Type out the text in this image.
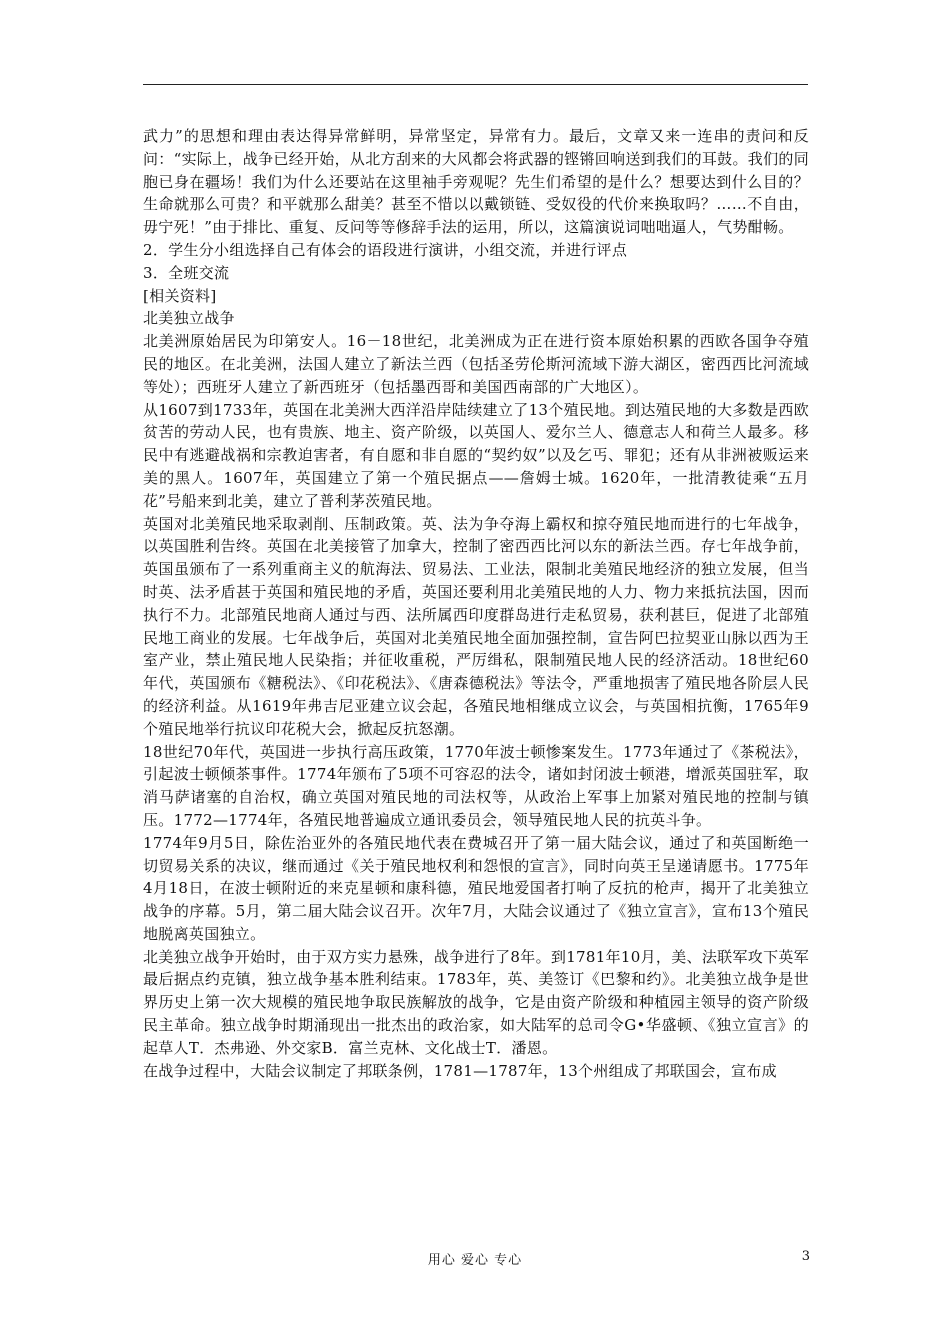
武力”的思想和理由表达得异常鲜明，异常坚定，异常有力。最后，文章又来一连串的责问和反问：“实际上，战争已经开始，从北方刮来的大风都会将武器的铿锵回响送到我们的耳鼓。我们的同胞已身在疆场！我们为什么还要站在这里袖手旁观呢？先生们希望的是什么？想要达到什么目的？生命就那么可贵？和平就那么甜美？甚至不惜以以戴锁链、受奴役的代价来换取吗？……不自由，毋宁死！”由于排比、重复、反问等等修辞手法的运用，所以，这篇演说词咄咄逼人，气势酣畅。

2．学生分小组选择自己有体会的语段进行演讲，小组交流，并进行评点

3．全班交流

[相关资料]

北美独立战争

北美洲原始居民为印第安人。16－18世纪，北美洲成为正在进行资本原始积累的西欧各国争夺殖民的地区。在北美洲，法国人建立了新法兰西（包括圣劳伦斯河流域下游大湖区，密西西比河流域等处）；西班牙人建立了新西班牙（包括墨西哥和美国西南部的广大地区）。

从1607到1733年，英国在北美洲大西洋沿岸陆续建立了13个殖民地。到达殖民地的大多数是西欧贫苦的劳动人民，也有贵族、地主、资产阶级，以英国人、爱尔兰人、德意志人和荷兰人最多。移民中有逃避战祸和宗教迫害者，有自愿和非自愿的“契约奴”以及乞丐、罪犯；还有从非洲被贩运来美的黑人。1607年，英国建立了第一个殖民据点——詹姆士城。1620年，一批清教徒乘“五月花”号船来到北美，建立了普利茅茨殖民地。

英国对北美殖民地采取剥削、压制政策。英、法为争夺海上霸权和掠夺殖民地而进行的七年战争，以英国胜利告终。英国在北美接管了加拿大，控制了密西西比河以东的新法兰西。存七年战争前，英国虽颁布了一系列重商主义的航海法、贸易法、工业法，限制北美殖民地经济的独立发展，但当时英、法矛盾甚于英国和殖民地的矛盾，英国还要利用北美殖民地的人力、物力来抵抗法国，因而执行不力。北部殖民地商人通过与西、法所属西印度群岛进行走私贸易，获利甚巨，促进了北部殖民地工商业的发展。七年战争后，英国对北美殖民地全面加强控制，宣告阿巴拉契亚山脉以西为王室产业，禁止殖民地人民染指；并征收重税，严厉缉私，限制殖民地人民的经济活动。18世纪60年代，英国颁布《糖税法》、《印花税法》、《唐森德税法》等法令，严重地损害了殖民地各阶层人民的经济利益。从1619年弗吉尼亚建立议会起，各殖民地相继成立议会，与英国相抗衡，1765年9个殖民地举行抗议印花税大会，掀起反抗怒潮。

18世纪70年代，英国进一步执行高压政策，1770年波士顿惨案发生。1773年通过了《茶税法》，引起波士顿倾茶事件。1774年颁布了5项不可容忍的法令，诸如封闭波士顿港，增派英国驻军，取消马萨诸塞的自治权，确立英国对殖民地的司法权等，从政治上军事上加紧对殖民地的控制与镇压。1772—1774年，各殖民地普遍成立通讯委员会，领导殖民地人民的抗英斗争。

1774年9月5日，除佐治亚外的各殖民地代表在费城召开了第一届大陆会议，通过了和英国断绝一切贸易关系的决议，继而通过《关于殖民地权利和怨恨的宣言》，同时向英王呈递请愿书。1775年4月18日，在波士顿附近的来克星顿和康科德，殖民地爱国者打响了反抗的枪声，揭开了北美独立战争的序幕。5月，第二届大陆会议召开。次年7月，大陆会议通过了《独立宣言》，宣布13个殖民地脱离英国独立。

北美独立战争开始时，由于双方实力悬殊，战争进行了8年。到1781年10月，美、法联军攻下英军最后据点约克镇，独立战争基本胜利结束。1783年，英、美签订《巴黎和约》。北美独立战争是世界历史上第一次大规模的殖民地争取民族解放的战争，它是由资产阶级和种植园主领导的资产阶级民主革命。独立战争时期涌现出一批杰出的政治家，如大陆军的总司令G•华盛顿、《独立宣言》的起草人T．杰弗逊、外交家B．富兰克林、文化战士T．潘恩。

在战争过程中，大陆会议制定了邦联条例，1781—1787年，13个州组成了邦联国会，宣布成

用心 爱心 专心	3
